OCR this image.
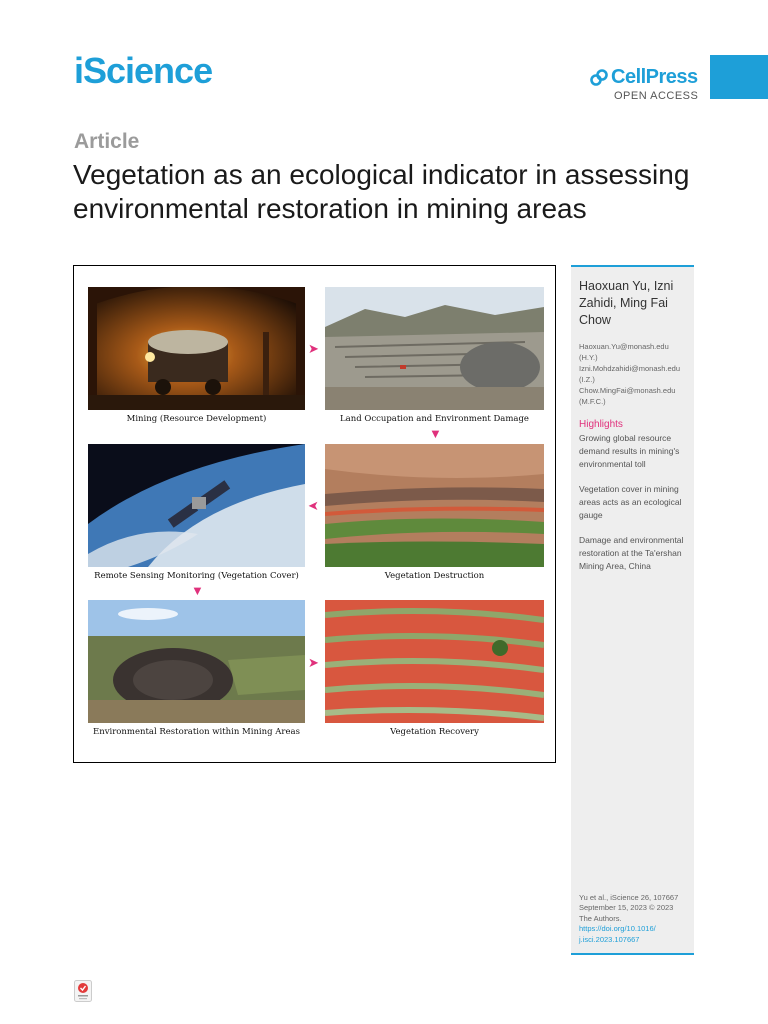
iScience	CellPress
OPEN ACCESS
Article
Vegetation as an ecological indicator in assessing environmental restoration in mining areas
Mining (Resource Development)	Land Occupation and Environment Damage
➤
▼
Remote Sensing Monitoring (Vegetation Cover)	Vegetation Destruction
➤
▼
Environmental Restoration within Mining Areas	Vegetation Recovery
➤
Haoxuan Yu, Izni Zahidi, Ming Fai Chow
Haoxuan.Yu@monash.edu
(H.Y.)
Izni.Mohdzahidi@monash.edu
(I.Z.)
Chow.MingFai@monash.edu
(M.F.C.)
Highlights
Growing global resource demand results in mining's environmental toll
Vegetation cover in mining areas acts as an ecological gauge
Damage and environmental restoration at the Ta'ershan Mining Area, China
Yu et al., iScience 26, 107667
September 15, 2023 © 2023
The Authors.
https://doi.org/10.1016/
j.isci.2023.107667
